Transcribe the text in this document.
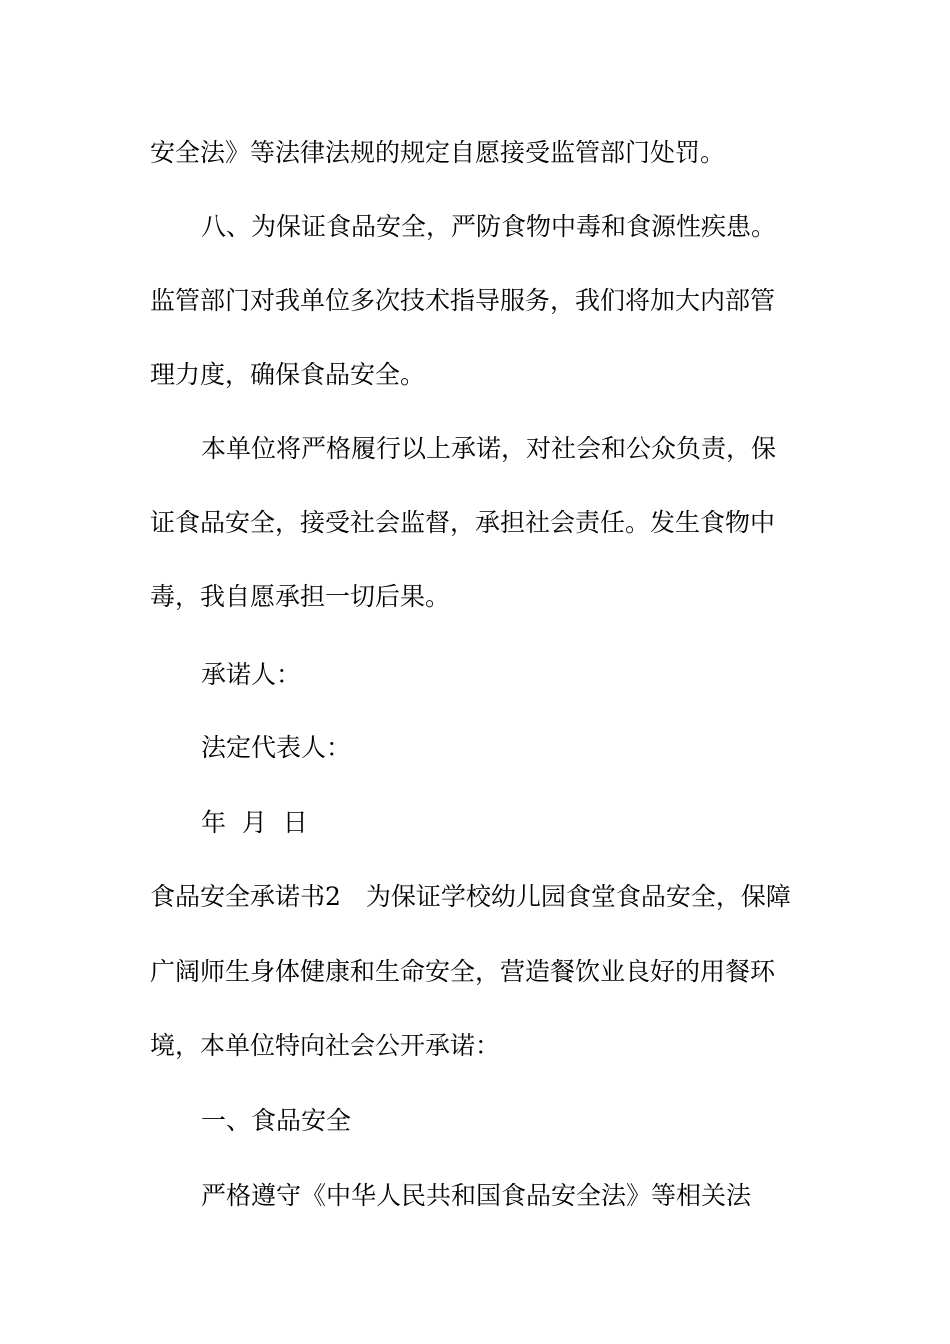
安全法》等法律法规的规定自愿接受监管部门处罚。
八、为保证食品安全，严防食物中毒和食源性疾患。
监管部门对我单位多次技术指导服务，我们将加大内部管
理力度，确保食品安全。
本单位将严格履行以上承诺，对社会和公众负责，保
证食品安全，接受社会监督，承担社会责任。发生食物中
毒，我自愿承担一切后果。
承诺人：
法定代表人：
年  月  日
食品安全承诺书2　为保证学校幼儿园食堂食品安全，保障
广阔师生身体健康和生命安全，营造餐饮业良好的用餐环
境，本单位特向社会公开承诺：
一、食品安全
严格遵守《中华人民共和国食品安全法》等相关法
